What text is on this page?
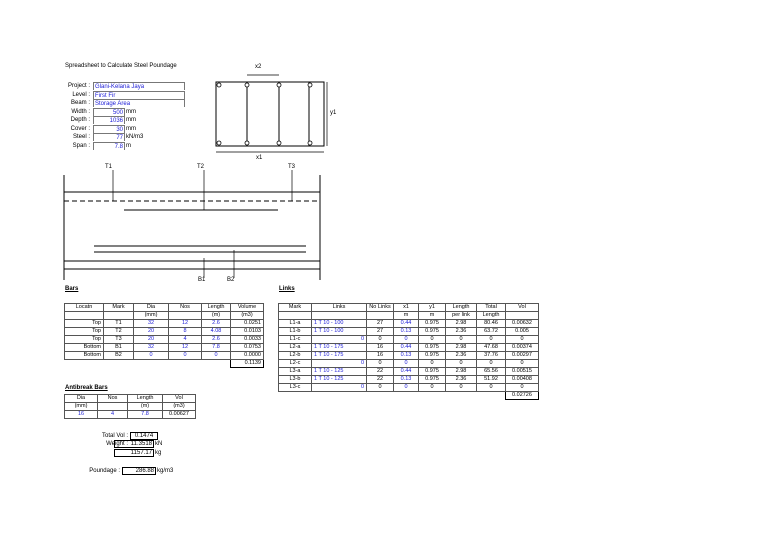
Spreadsheet to Calculate Steel Poundage
Project : Glani-Kelana Jaya
Level : First Fir
Beam : Storage Area
Width :	500 mm
Depth :	1036 mm
Cover :	30 mm
Steel :	77 kN/m3
Span :	7.8 m
x2
x1
y1
T1	T2	T3
B1	B2
Bars
Locatn	Mark	Dia	Nos	Length	Volume
		(mm)		(m)	(m3)
Top	T1	32	12	2.6	0.0251
Top	T2	20	8	4.08	0.0103
Top	T3	20	4	2.6	0.0033
Bottom	B1	32	12	7.8	0.0753
Bottom	B2	0	0	0	0.0000
					0.1139
Antibreak Bars
Dia	Nos	Length	Vol
(mm)		(m)	(m3)
16	4	7.8	0.00627
Total Vol :	0.1474
Weight : 11.3518 kN
1157.17 kg
Poundage :	286.88 kg/m3
Links
Mark	Links	No Links	x1	y1	Length	Total	Vol
			m	m	per link	Length	
L1-a	1 T 10 - 100	27	0.44	0.975	2.98	80.46	0.00632
L1-b	1 T 10 - 100	27	0.13	0.975	2.36	63.72	0.005
L1-c	0	0	0	0	0	0	0
L2-a	1 T 10 - 175	16	0.44	0.975	2.98	47.68	0.00374
L2-b	1 T 10 - 175	16	0.13	0.975	2.36	37.76	0.00297
L2-c	0	0	0	0	0	0	0
L3-a	1 T 10 - 125	22	0.44	0.975	2.98	65.56	0.00515
L3-b	1 T 10 - 125	22	0.13	0.975	2.36	51.92	0.00408
L3-c	0	0	0	0	0	0	0
							0.02726
